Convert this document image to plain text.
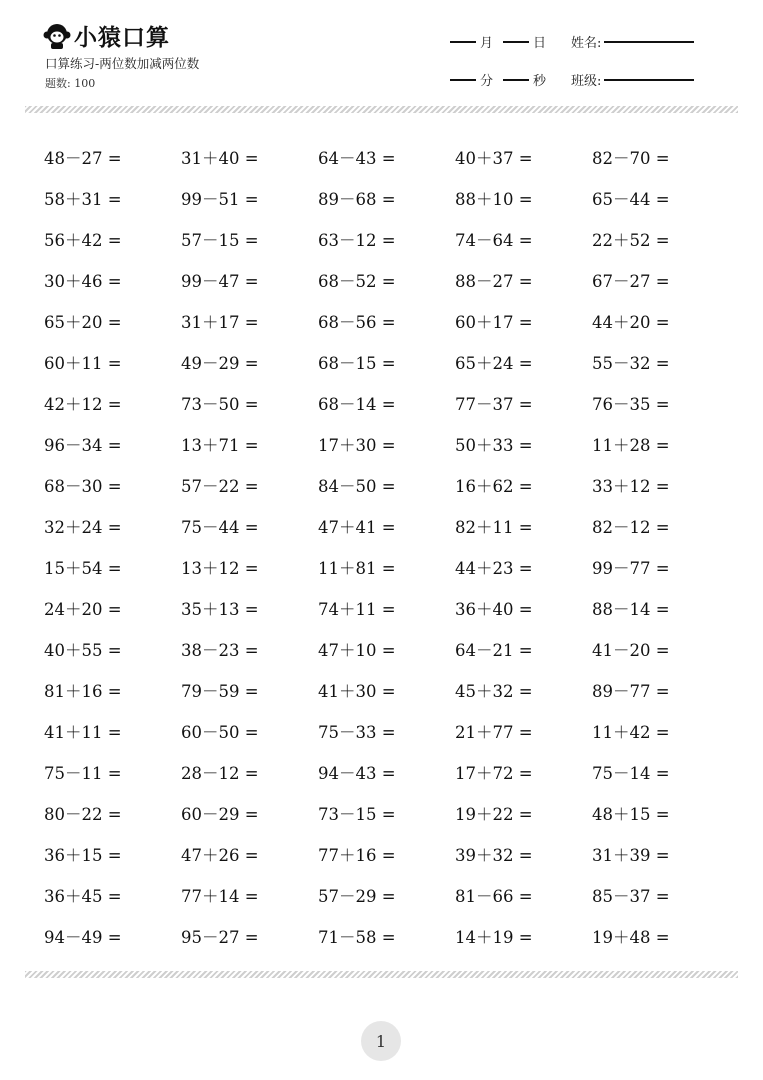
小猿口算
口算练习-两位数加减两位数
题数: 100
月	日 姓名:
分	秒 班级:
48－27 =	31＋40 =	64－43 =	40＋37 =	82－70 =
58＋31 =	99－51 =	89－68 =	88＋10 =	65－44 =
56＋42 =	57－15 =	63－12 =	74－64 =	22＋52 =
30＋46 =	99－47 =	68－52 =	88－27 =	67－27 =
65＋20 =	31＋17 =	68－56 =	60＋17 =	44＋20 =
60＋11 =	49－29 =	68－15 =	65＋24 =	55－32 =
42＋12 =	73－50 =	68－14 =	77－37 =	76－35 =
96－34 =	13＋71 =	17＋30 =	50＋33 =	11＋28 =
68－30 =	57－22 =	84－50 =	16＋62 =	33＋12 =
32＋24 =	75－44 =	47＋41 =	82＋11 =	82－12 =
15＋54 =	13＋12 =	11＋81 =	44＋23 =	99－77 =
24＋20 =	35＋13 =	74＋11 =	36＋40 =	88－14 =
40＋55 =	38－23 =	47＋10 =	64－21 =	41－20 =
81＋16 =	79－59 =	41＋30 =	45＋32 =	89－77 =
41＋11 =	60－50 =	75－33 =	21＋77 =	11＋42 =
75－11 =	28－12 =	94－43 =	17＋72 =	75－14 =
80－22 =	60－29 =	73－15 =	19＋22 =	48＋15 =
36＋15 =	47＋26 =	77＋16 =	39＋32 =	31＋39 =
36＋45 =	77＋14 =	57－29 =	81－66 =	85－37 =
94－49 =	95－27 =	71－58 =	14＋19 =	19＋48 =
1
